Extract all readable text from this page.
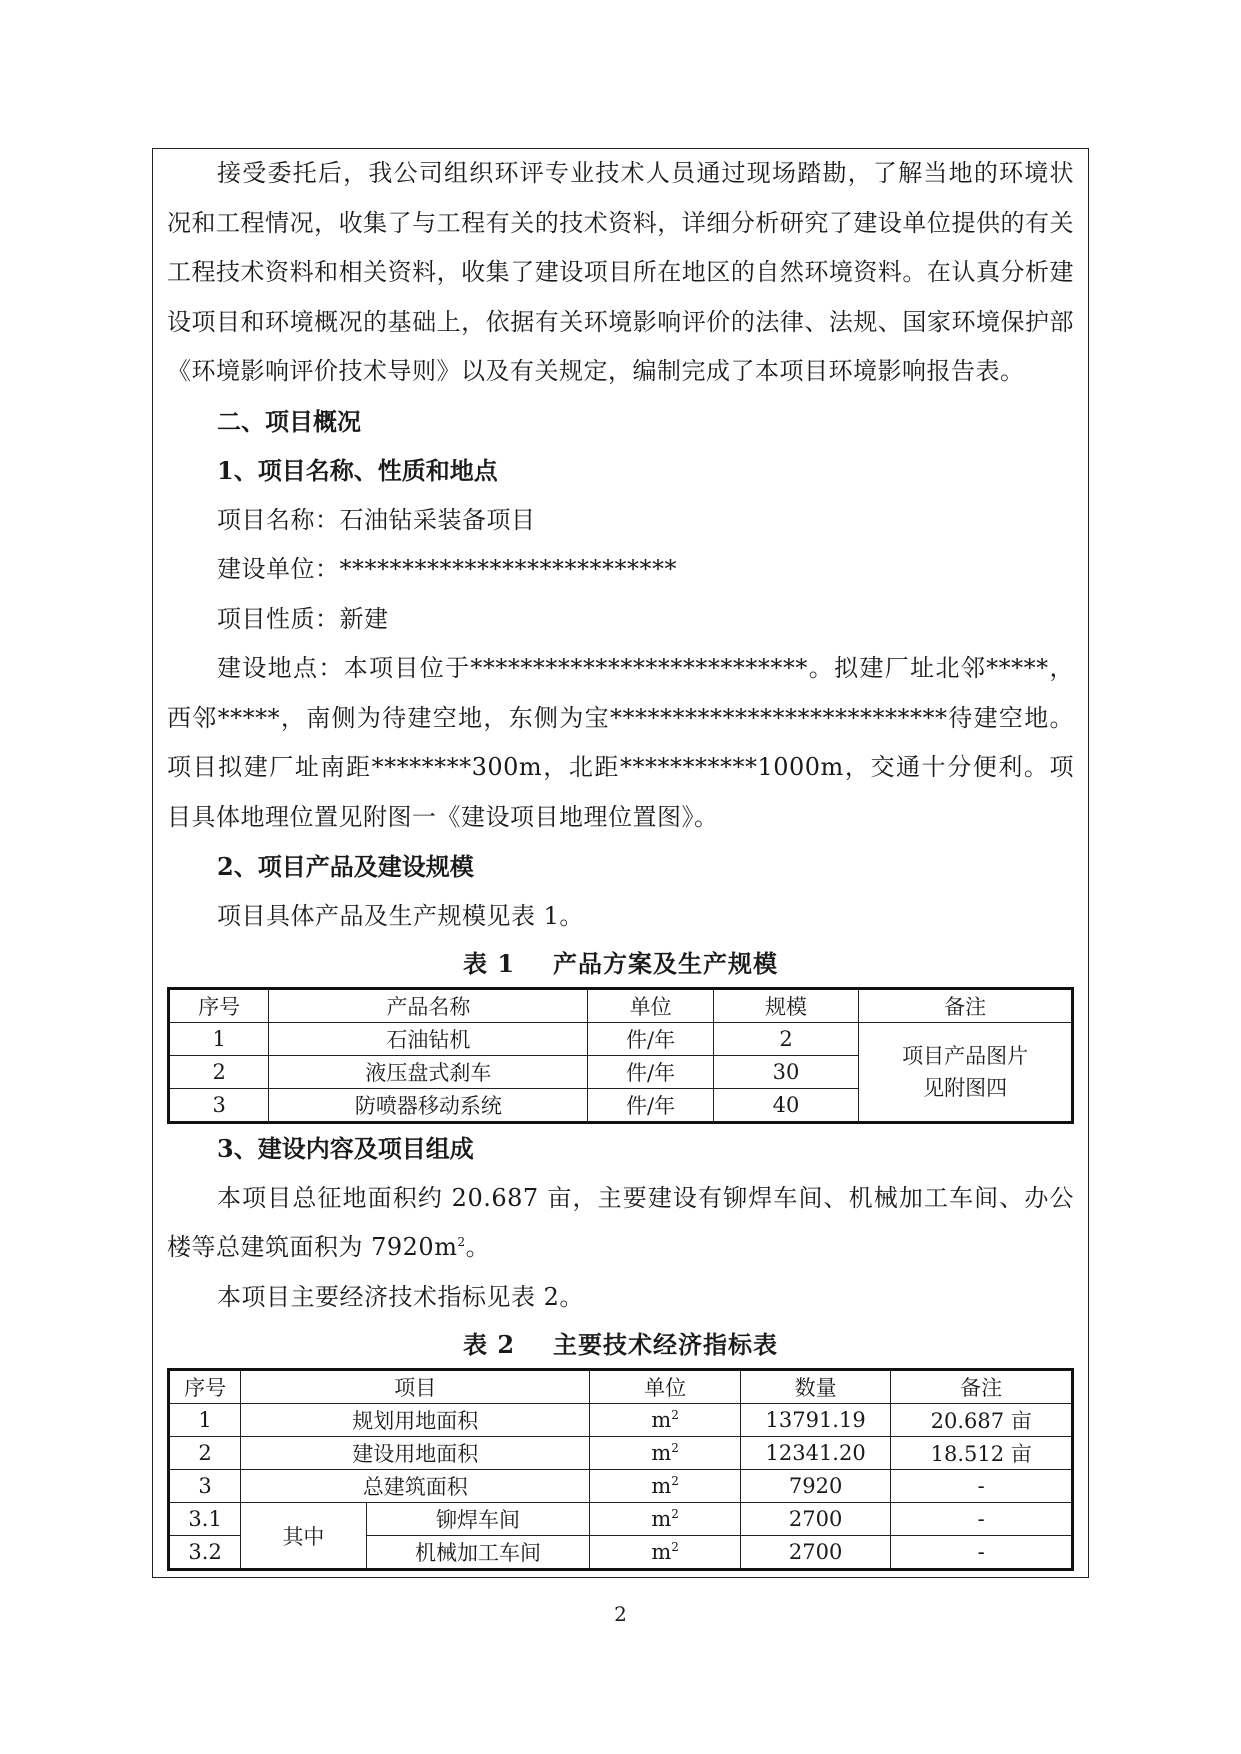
接受委托后，我公司组织环评专业技术人员通过现场踏勘，了解当地的环境状况和工程情况，收集了与工程有关的技术资料，详细分析研究了建设单位提供的有关工程技术资料和相关资料，收集了建设项目所在地区的自然环境资料。在认真分析建设项目和环境概况的基础上，依据有关环境影响评价的法律、法规、国家环境保护部《环境影响评价技术导则》以及有关规定，编制完成了本项目环境影响报告表。

二、项目概况

1、项目名称、性质和地点

项目名称：石油钻采装备项目

建设单位：***************************

项目性质：新建

建设地点：本项目位于***************************。拟建厂址北邻*****，西邻*****，南侧为待建空地，东侧为宝***************************待建空地。项目拟建厂址南距********300m，北距***********1000m，交通十分便利。项目具体地理位置见附图一《建设项目地理位置图》。

2、项目产品及建设规模

项目具体产品及生产规模见表 1。

表 1 产品方案及生产规模

序号	产品名称	单位	规模	备注
1	石油钻机	件/年	2	项目产品图片
见附图四

2	液压盘式刹车	件/年	30	
3	防喷器移动系统	件/年	40	

3、建设内容及项目组成

本项目总征地面积约 20.687 亩，主要建设有铆焊车间、机械加工车间、办公楼等总建筑面积为 $7920m^2$。

本项目主要经济技术指标见表 2。

表 2 主要技术经济指标表

序号	项目		单位	数量	备注
1	规划用地面积		$m^2$	13791.19	20.687 亩
2	建设用地面积		$m^2$	12341.20	18.512 亩
3	总建筑面积		$m^2$	7920	-
3.1	其中	铆焊车间	$m^2$	2700	-
3.2		机械加工车间	$m^2$	2700	-
2
